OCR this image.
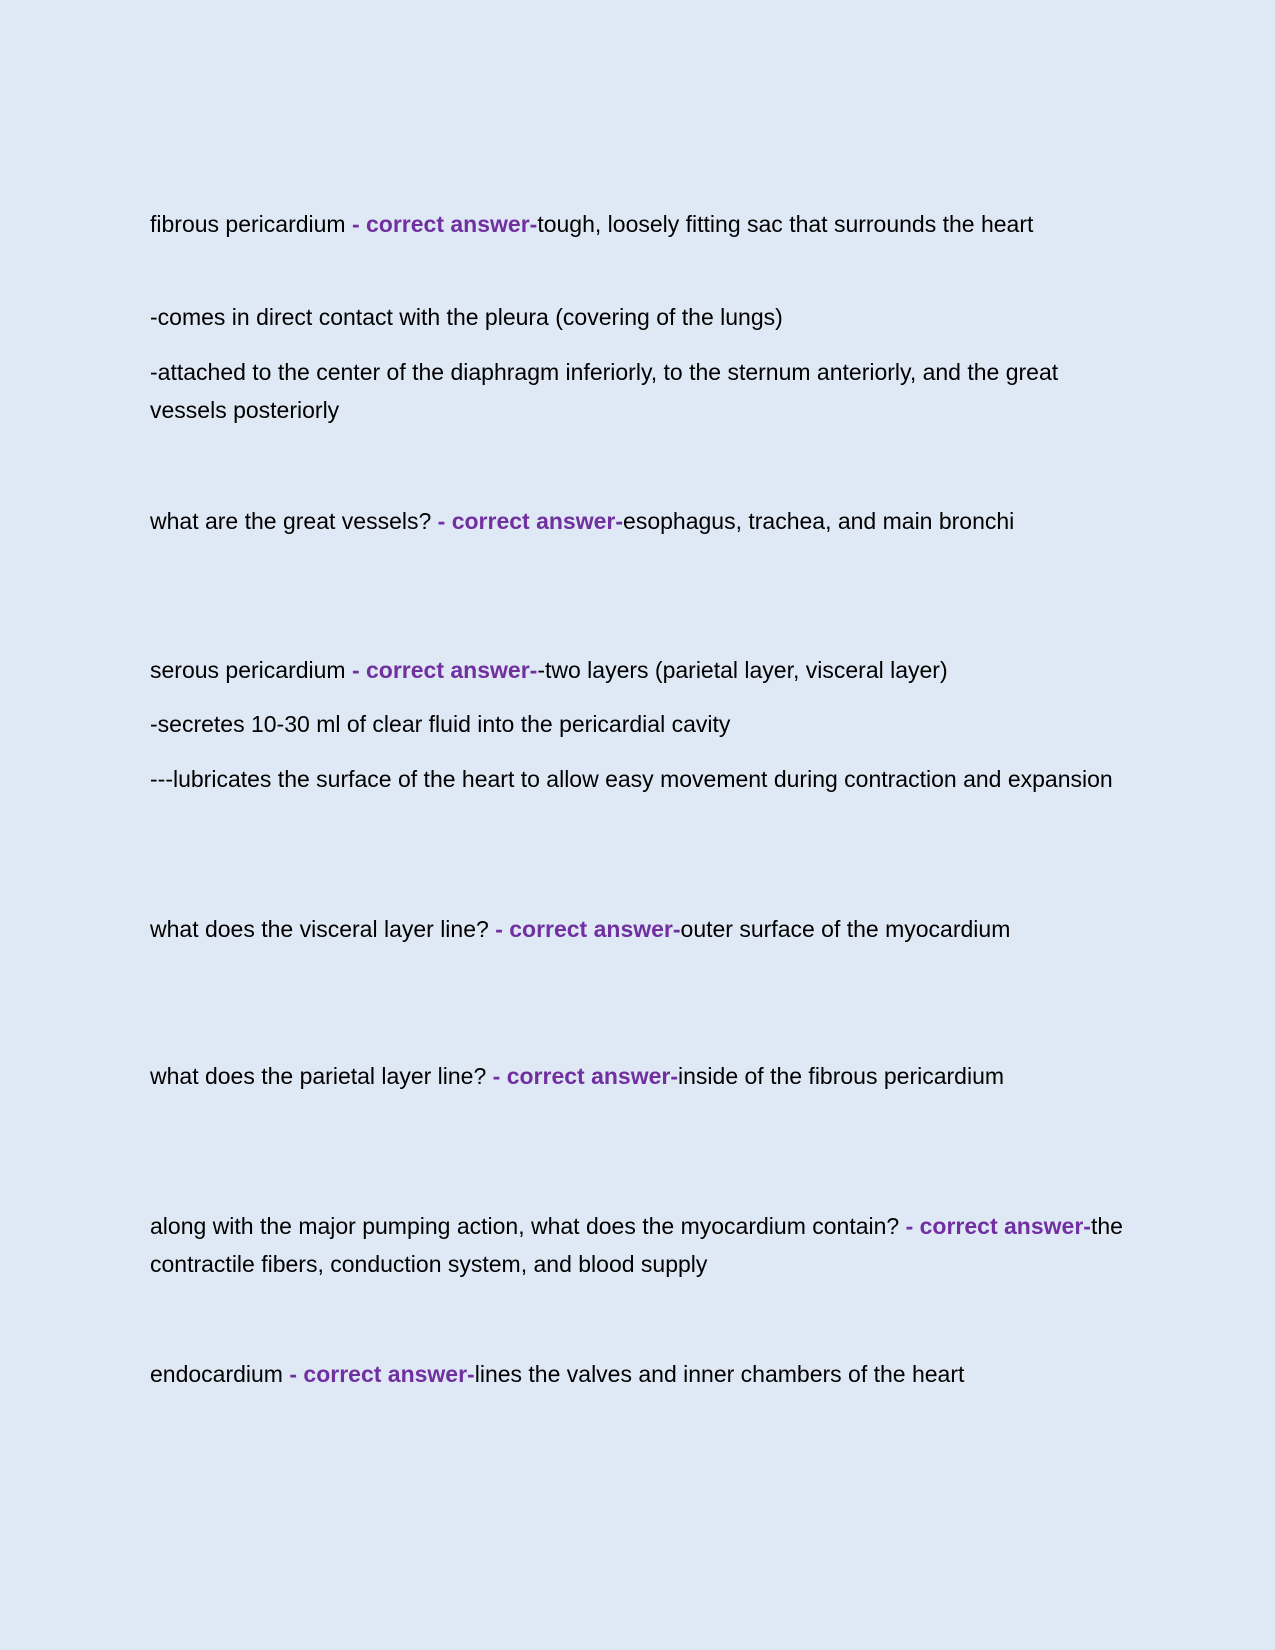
fibrous pericardium - correct answer-tough, loosely fitting sac that surrounds the heart

-comes in direct contact with the pleura (covering of the lungs)

-attached to the center of the diaphragm inferiorly, to the sternum anteriorly, and the great vessels posteriorly

what are the great vessels? - correct answer-esophagus, trachea, and main bronchi

serous pericardium - correct answer--two layers (parietal layer, visceral layer)

-secretes 10-30 ml of clear fluid into the pericardial cavity

---lubricates the surface of the heart to allow easy movement during contraction and expansion

what does the visceral layer line? - correct answer-outer surface of the myocardium

what does the parietal layer line? - correct answer-inside of the fibrous pericardium

along with the major pumping action, what does the myocardium contain? - correct answer-the contractile fibers, conduction system, and blood supply

endocardium - correct answer-lines the valves and inner chambers of the heart
